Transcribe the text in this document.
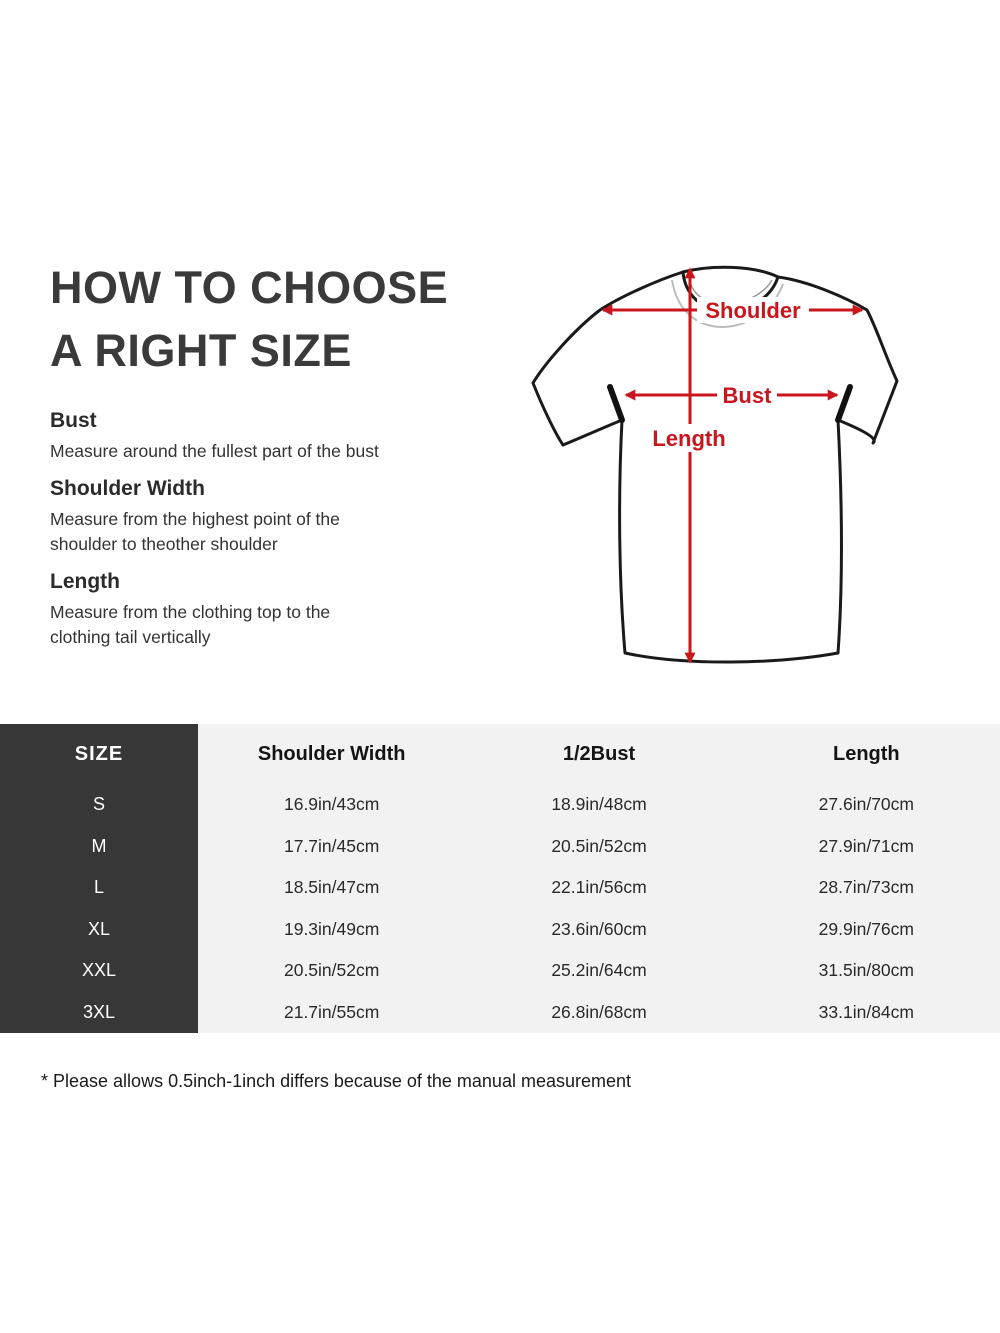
HOW TO CHOOSE
A RIGHT SIZE
Bust

Measure around the fullest part of the bust

Shoulder Width

Measure from the highest point of the

shoulder to theother shoulder

Length

Measure from the clothing top to the

clothing tail vertically

Shoulder
Bust
Length
SIZE	Shoulder Width	1/2Bust	Length
S	16.9in/43cm	18.9in/48cm	27.6in/70cm
M	17.7in/45cm	20.5in/52cm	27.9in/71cm
L	18.5in/47cm	22.1in/56cm	28.7in/73cm
XL	19.3in/49cm	23.6in/60cm	29.9in/76cm
XXL	20.5in/52cm	25.2in/64cm	31.5in/80cm
3XL	21.7in/55cm	26.8in/68cm	33.1in/84cm
* Please allows 0.5inch-1inch differs because of the manual measurement
